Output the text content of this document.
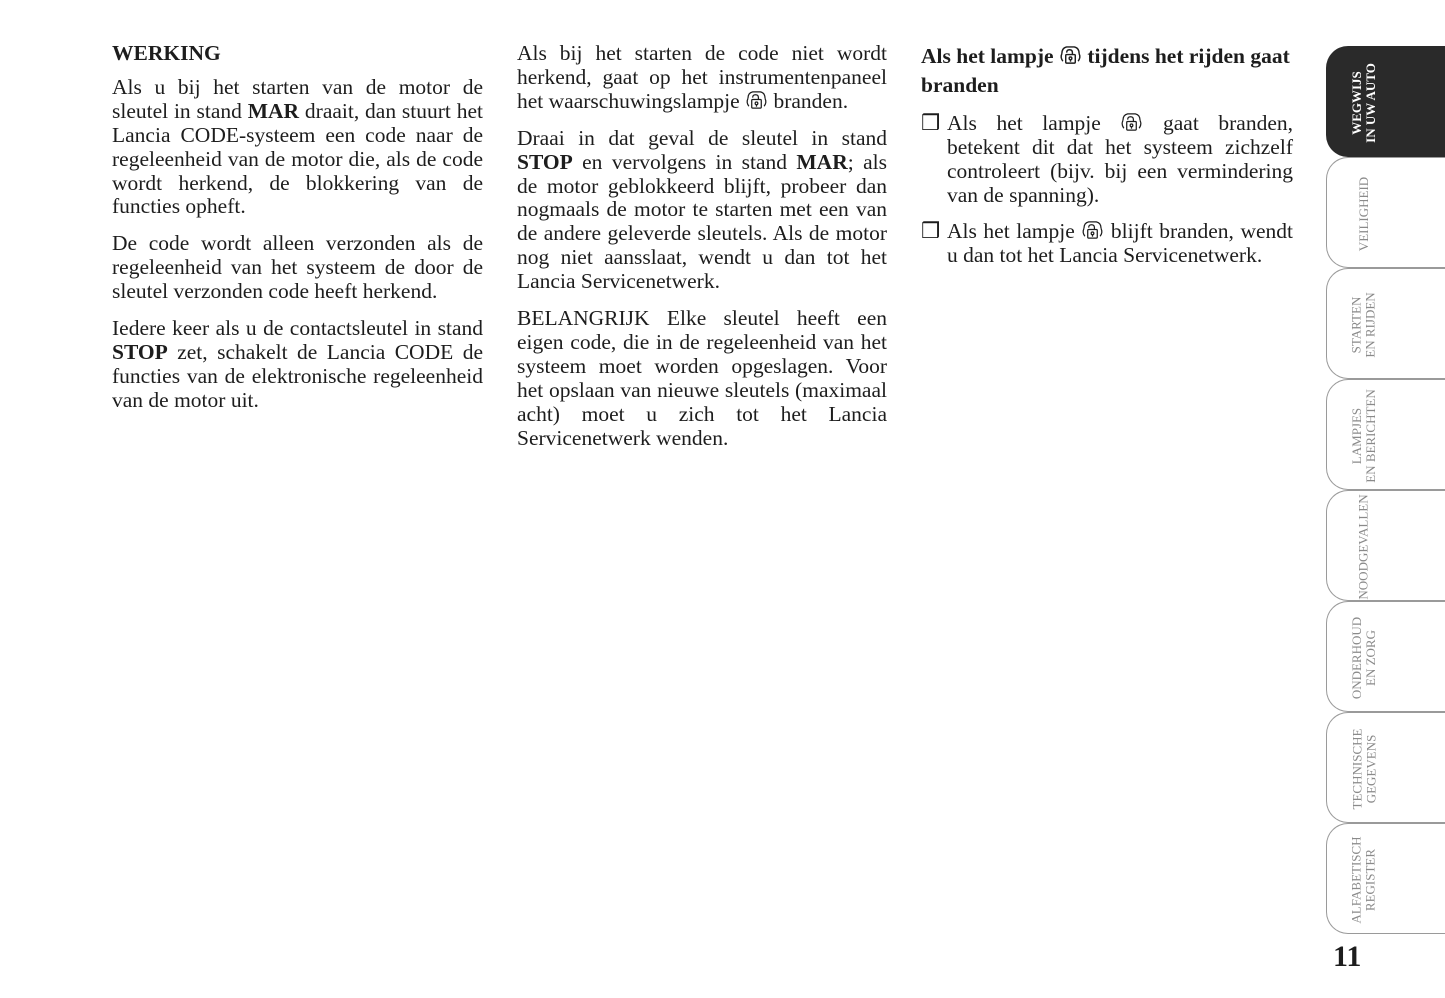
WERKING

Als u bij het starten van de motor de sleutel in stand MAR draait, dan stuurt het Lancia CODE-systeem een code naar de regeleenheid van de motor die, als de code wordt herkend, de blokkering van de functies opheft.

De code wordt alleen verzonden als de regeleenheid van het systeem de door de sleutel verzonden code heeft herkend.

Iedere keer als u de contactsleutel in stand STOP zet, schakelt de Lancia CODE de functies van de elektronische regeleenheid van de motor uit.

Als bij het starten de code niet wordt herkend, gaat op het instrumentenpaneel het waarschuwingslampje
branden.

Draai in dat geval de sleutel in stand STOP en vervolgens in stand MAR; als de motor geblokkeerd blijft, probeer dan nogmaals de motor te starten met een van de andere geleverde sleutels. Als de motor nog niet aansslaat, wendt u dan tot het Lancia Servicenetwerk.

BELANGRIJK Elke sleutel heeft een eigen code, die in de regeleenheid van het systeem moet worden opgeslagen. Voor het opslaan van nieuwe sleutels (maximaal acht) moet u zich tot het Lancia Servicenetwerk wenden.

Als het lampje
tijdens het rijden gaat branden
❒ Als het lampje
gaat branden, betekent dit dat het systeem zichzelf controleert (bijv. bij een vermindering van de spanning).
❒ Als het lampje
blijft branden, wendt u dan tot het Lancia Servicenetwerk.
WEGWIJS IN UW AUTO
VEILIGHEID
STARTEN EN RIJDEN
LAMPJES EN BERICHTEN
NOODGEVALLEN
ONDERHOUD EN ZORG
TECHNISCHE GEGEVENS
ALFABETISCH REGISTER
11
